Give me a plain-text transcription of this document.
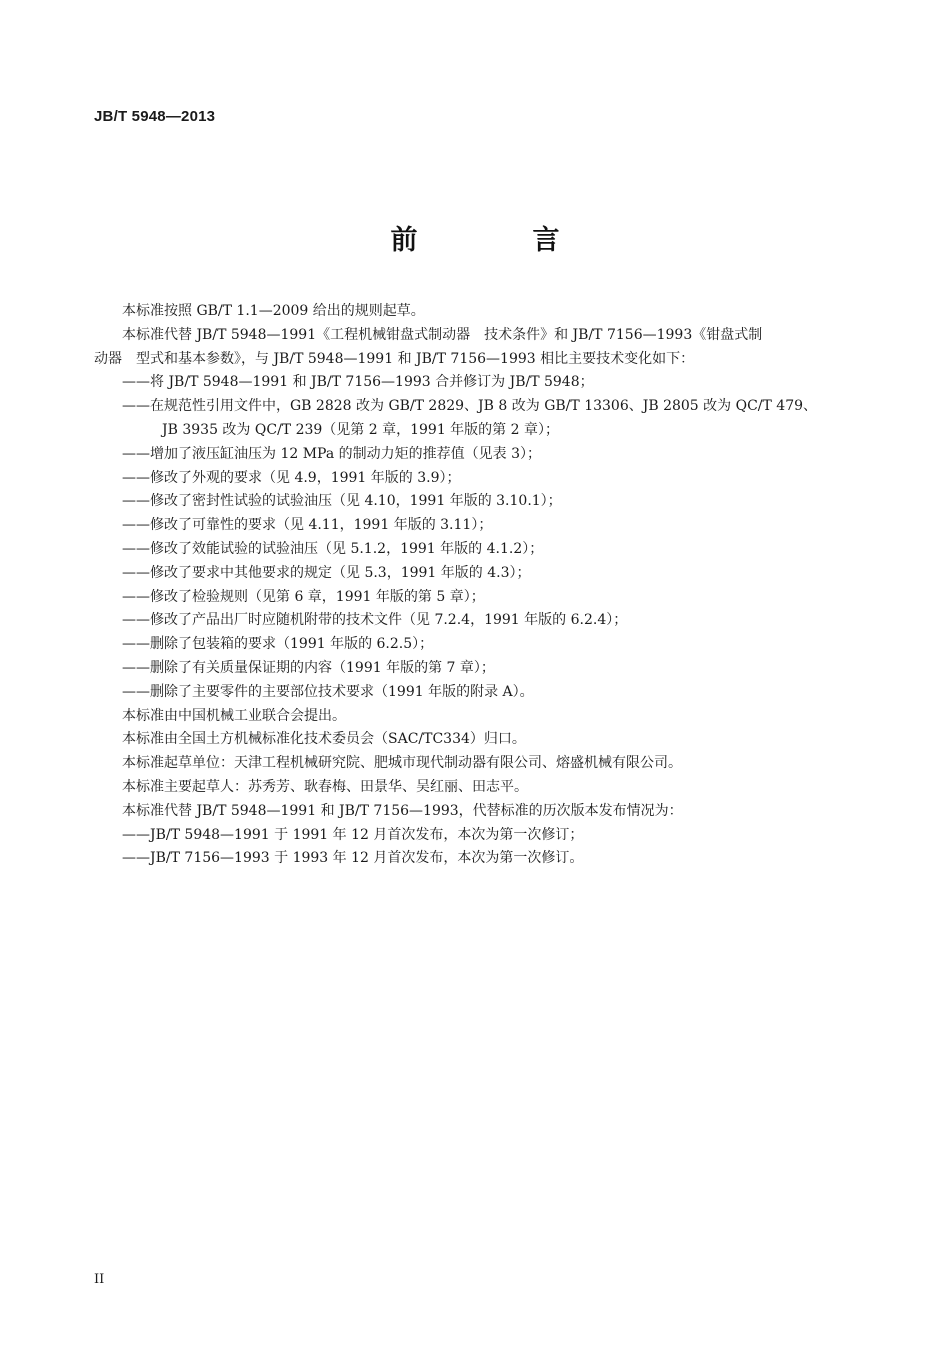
JB/T 5948—2013
前　言
本标准按照 GB/T 1.1—2009 给出的规则起草。
本标准代替 JB/T 5948—1991《工程机械钳盘式制动器　技术条件》和 JB/T 7156—1993《钳盘式制
动器　型式和基本参数》，与 JB/T 5948—1991 和 JB/T 7156—1993 相比主要技术变化如下：
——将 JB/T 5948—1991 和 JB/T 7156—1993 合并修订为 JB/T 5948；
——在规范性引用文件中，GB 2828 改为 GB/T 2829、JB 8 改为 GB/T 13306、JB 2805 改为 QC/T 479、
JB 3935 改为 QC/T 239（见第 2 章，1991 年版的第 2 章）；
——增加了液压缸油压为 12 MPa 的制动力矩的推荐值（见表 3）；
——修改了外观的要求（见 4.9，1991 年版的 3.9）；
——修改了密封性试验的试验油压（见 4.10，1991 年版的 3.10.1）；
——修改了可靠性的要求（见 4.11，1991 年版的 3.11）；
——修改了效能试验的试验油压（见 5.1.2，1991 年版的 4.1.2）；
——修改了要求中其他要求的规定（见 5.3，1991 年版的 4.3）；
——修改了检验规则（见第 6 章，1991 年版的第 5 章）；
——修改了产品出厂时应随机附带的技术文件（见 7.2.4，1991 年版的 6.2.4）；
——删除了包装箱的要求（1991 年版的 6.2.5）；
——删除了有关质量保证期的内容（1991 年版的第 7 章）；
——删除了主要零件的主要部位技术要求（1991 年版的附录 A）。
本标准由中国机械工业联合会提出。
本标准由全国土方机械标准化技术委员会（SAC/TC334）归口。
本标准起草单位：天津工程机械研究院、肥城市现代制动器有限公司、熔盛机械有限公司。
本标准主要起草人：苏秀芳、耿春梅、田景华、吴红丽、田志平。
本标准代替 JB/T 5948—1991 和 JB/T 7156—1993，代替标准的历次版本发布情况为：
——JB/T 5948—1991 于 1991 年 12 月首次发布，本次为第一次修订；
——JB/T 7156—1993 于 1993 年 12 月首次发布，本次为第一次修订。
II
